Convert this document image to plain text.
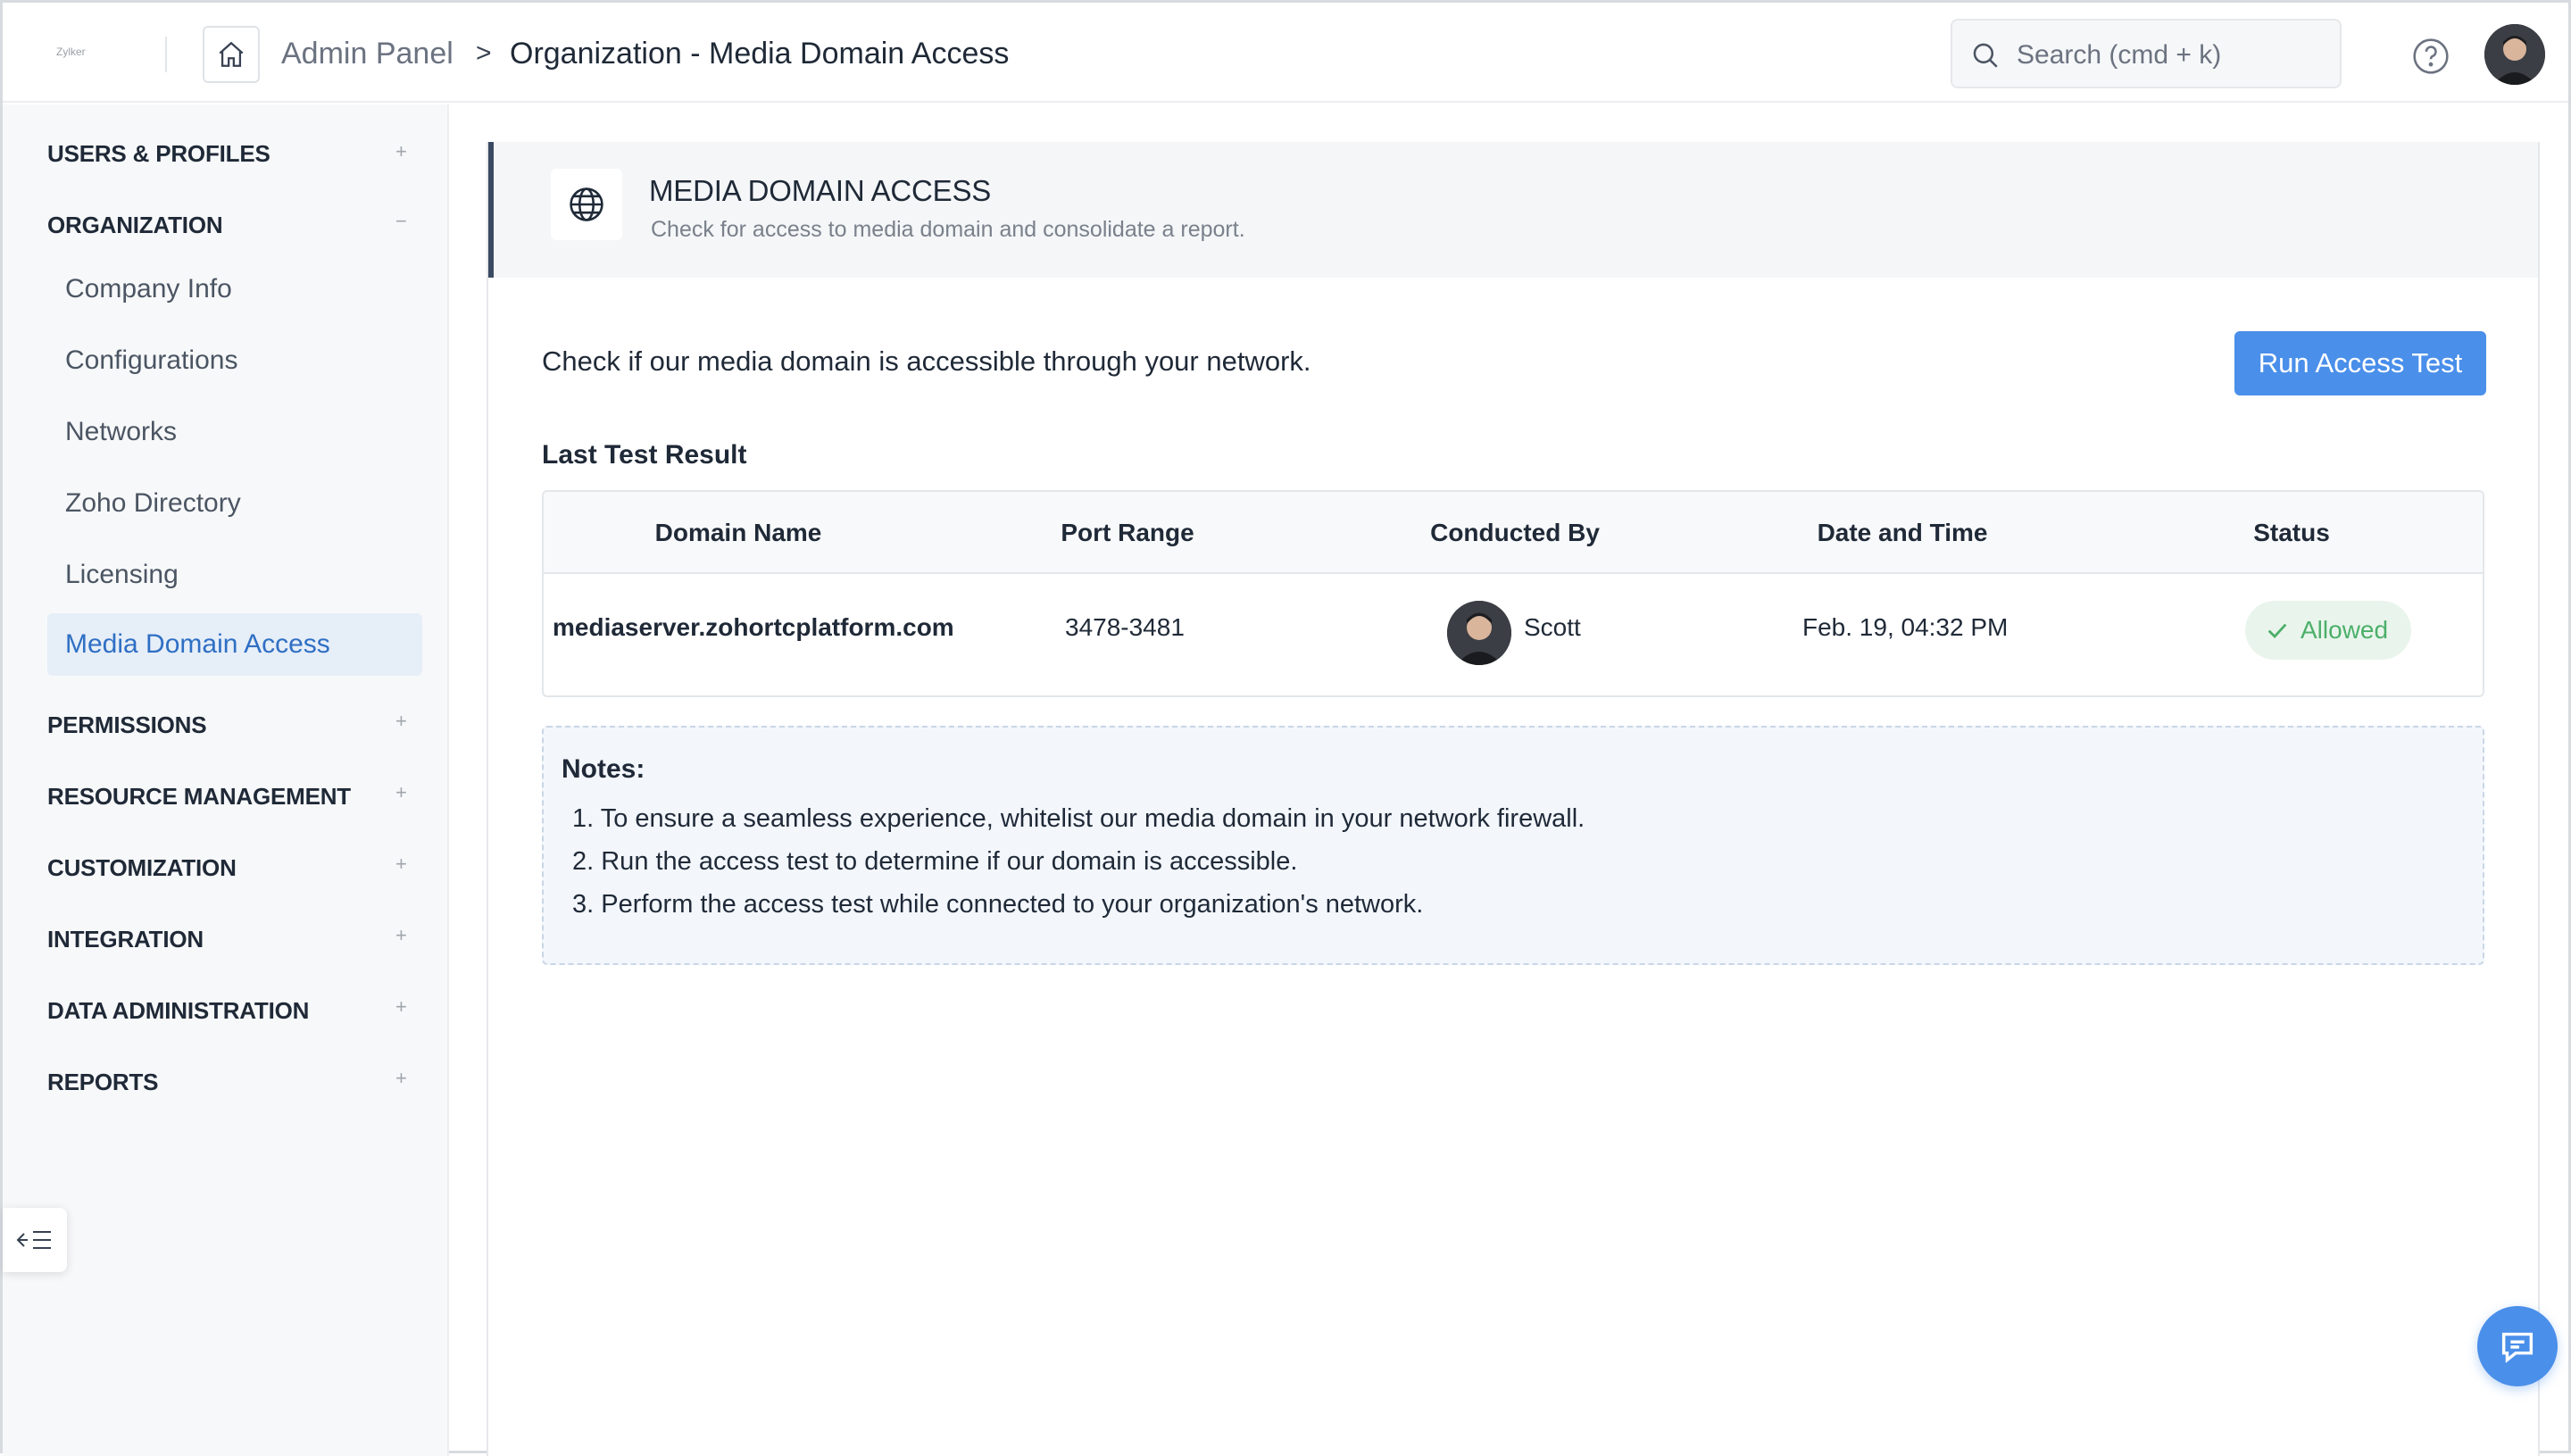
Zylker	Admin Panel > Organization - Media Domain Access	Search (cmd + k)
USERS & PROFILES	+
ORGANIZATION	−
Company Info
Configurations
Networks
Zoho Directory
Licensing
Media Domain Access
PERMISSIONS	+
RESOURCE MANAGEMENT +
CUSTOMIZATION	+
INTEGRATION	+
DATA ADMINISTRATION	+
REPORTS	+
MEDIA DOMAIN ACCESS
Check for access to media domain and consolidate a report.
Check if our media domain is accessible through your network.	Run Access Test
Last Test Result
Domain Name	Port Range	Conducted By	Date and Time	Status
mediaserver.zohortcplatform.com	3478-3481	Scott	Feb. 19, 04:32 PM	Allowed
Notes:
1. To ensure a seamless experience, whitelist our media domain in your network firewall.
2. Run the access test to determine if our domain is accessible.
3. Perform the access test while connected to your organization's network.
